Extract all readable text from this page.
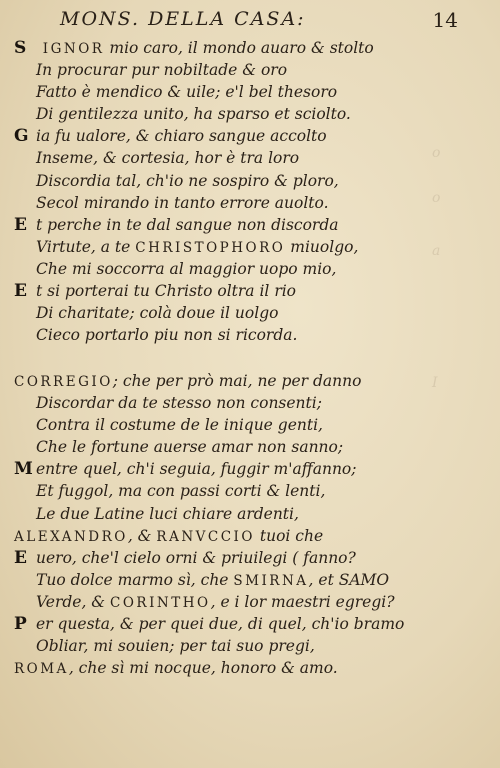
o
o
a
I
MONS. DELLA CASA:	14
S IGNOR mio caro, il mondo auaro & stolto
In procurar pur nobiltade & oro
Fatto è mendico & uile; e'l bel thesoro
Di gentilezza unito, ha sparso et sciolto.
G ia fu ualore, & chiaro sangue accolto
Inseme, & cortesia, hor è tra loro
Discordia tal, ch'io ne sospiro & ploro,
Secol mirando in tanto errore auolto.
E t perche in te dal sangue non discorda
Virtute, a te CHRISTOPHORO miuolgo,
Che mi soccorra al maggior uopo mio,
E t si porterai tu Christo oltra il rio
Di charitate; colà doue il uolgo
Cieco portarlo piu non si ricorda.
CORREGIO; che per prò mai, ne per danno
Discordar da te stesso non consenti;
Contra il costume de le inique genti,
Che le fortune auerse amar non sanno;
M entre quel, ch'i seguia, fuggir m'affanno;
Et fuggol, ma con passi corti & lenti,
Le due Latine luci chiare ardenti,
ALEXANDRO, & RANVCCIO tuoi che
E uero, che'l cielo orni & priuilegi ( fanno?
Tuo dolce marmo sì, che SMIRNA, et SAMO
Verde, & CORINTHO, e i lor maestri egregi?
P er questa, & per quei due, di quel, ch'io bramo
Obliar, mi souien; per tai suo pregi,
ROMA, che sì mi nocque, honoro & amo.
